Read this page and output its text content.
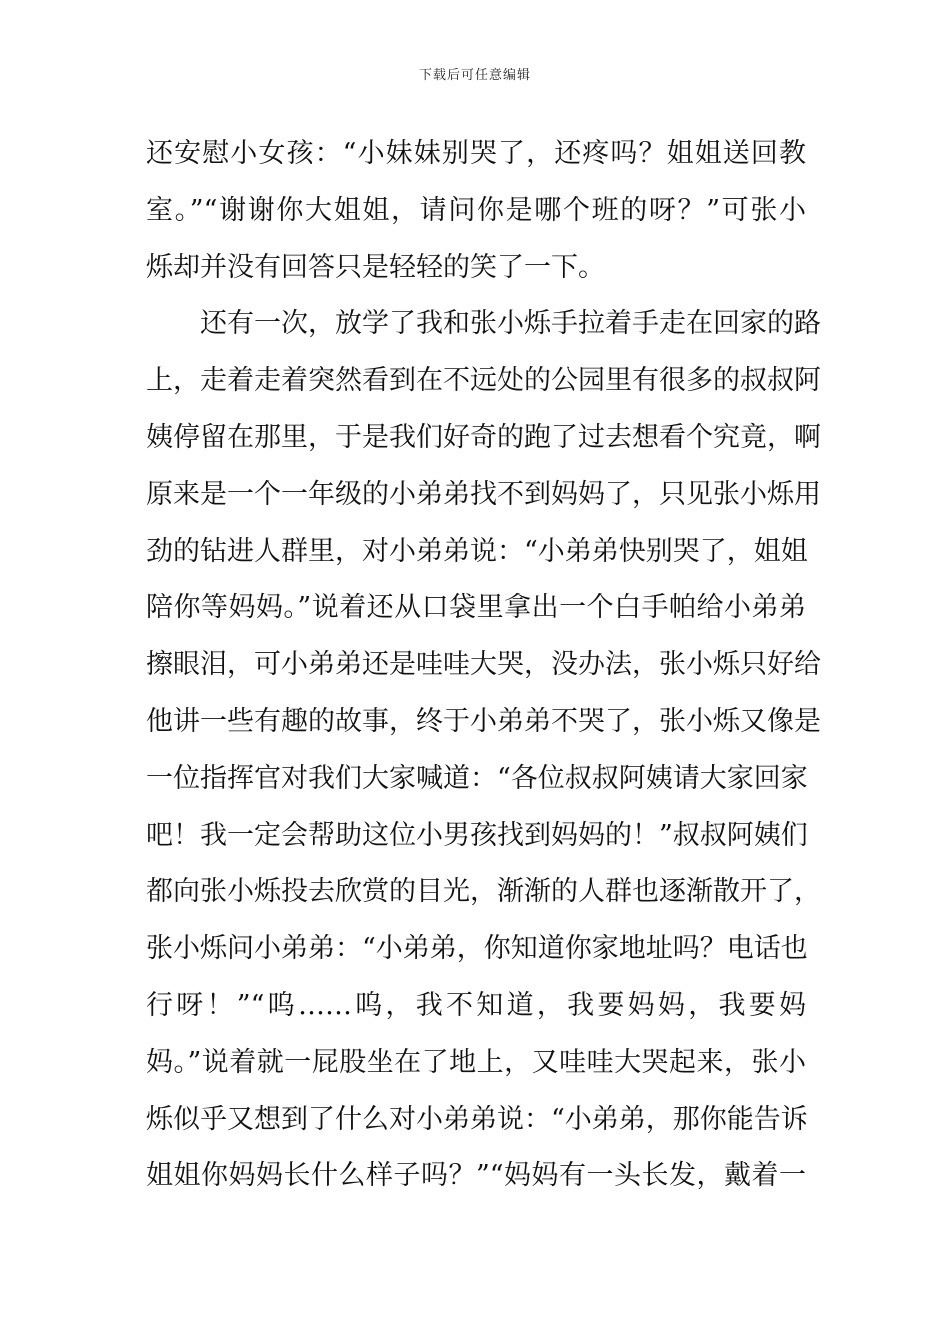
下载后可任意编辑
还安慰小女孩：“小妹妹别哭了，还疼吗？姐姐送回教
室。”“谢谢你大姐姐，请问你是哪个班的呀？”可张小
烁却并没有回答只是轻轻的笑了一下。
还有一次，放学了我和张小烁手拉着手走在回家的路
上，走着走着突然看到在不远处的公园里有很多的叔叔阿
姨停留在那里，于是我们好奇的跑了过去想看个究竟，啊
原来是一个一年级的小弟弟找不到妈妈了，只见张小烁用
劲的钻进人群里，对小弟弟说：“小弟弟快别哭了，姐姐
陪你等妈妈。”说着还从口袋里拿出一个白手帕给小弟弟
擦眼泪，可小弟弟还是哇哇大哭，没办法，张小烁只好给
他讲一些有趣的故事，终于小弟弟不哭了，张小烁又像是
一位指挥官对我们大家喊道：“各位叔叔阿姨请大家回家
吧！我一定会帮助这位小男孩找到妈妈的！”叔叔阿姨们
都向张小烁投去欣赏的目光，渐渐的人群也逐渐散开了，
张小烁问小弟弟：“小弟弟，你知道你家地址吗？电话也
行呀！”“呜……呜，我不知道，我要妈妈，我要妈
妈。”说着就一屁股坐在了地上，又哇哇大哭起来，张小
烁似乎又想到了什么对小弟弟说：“小弟弟，那你能告诉
姐姐你妈妈长什么样子吗？”“妈妈有一头长发，戴着一
